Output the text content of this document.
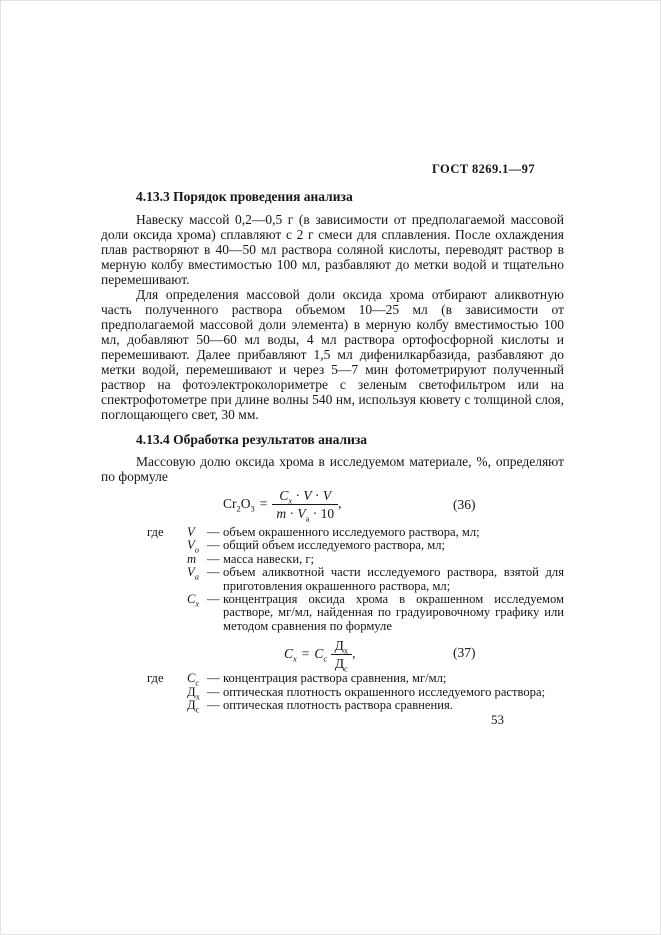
ГОСТ 8269.1—97
4.13.3 Порядок проведения анализа

Навеску массой 0,2—0,5 г (в зависимости от предполагаемой массовой доли оксида хрома) сплавляют с 2 г смеси для сплавления. После охлаждения плав растворяют в 40—50 мл раствора соляной кислоты, переводят раствор в мерную колбу вместимостью 100 мл, разбавляют до метки водой и тщательно перемешивают.

Для определения массовой доли оксида хрома отбирают аликвотную часть полученного раствора объемом 10—25 мл (в зависимости от предполагаемой массовой доли элемента) в мерную колбу вместимостью 100 мл, добавляют 50—60 мл воды, 4 мл раствора ортофосфорной кислоты и перемешивают. Далее прибавляют 1,5 мл дифенилкарбазида, разбавляют до метки водой, перемешивают и через 5—7 мин фотометрируют полученный раствор на фотоэлектроколориметре с зеленым светофильтром или на спектрофотометре при длине волны 540 нм, используя кювету с толщиной слоя, поглощающего свет, 30 мм.

4.13.4 Обработка результатов анализа

Массовую долю оксида хрома в исследуемом материале, %, определяют по формуле

$Cr_2O_3 = \frac{C_х \cdot V \cdot V}{m \cdot V_а \cdot 10}$ ,	(36)
где	V — объем окрашенного исследуемого раствора, мл;
$V_о$ — общий объем исследуемого раствора, мл;
m — масса навески, г;
$V_а$ — объем аликвотной части исследуемого раствора, взятой для приготовления окрашенного раствора, мл;
$C_х$ — концентрация оксида хрома в окрашенном исследуемом растворе, мг/мл, найденная по градуировочному графику или методом сравнения по формуле
$C_х = C_с \frac{Д_х}{Д_с}$ ,	(37)
где	$С_с$ — концентрация раствора сравнения, мг/мл;
$Д_х$ — оптическая плотность окрашенного исследуемого раствора;
$Д_с$ — оптическая плотность раствора сравнения.
53
